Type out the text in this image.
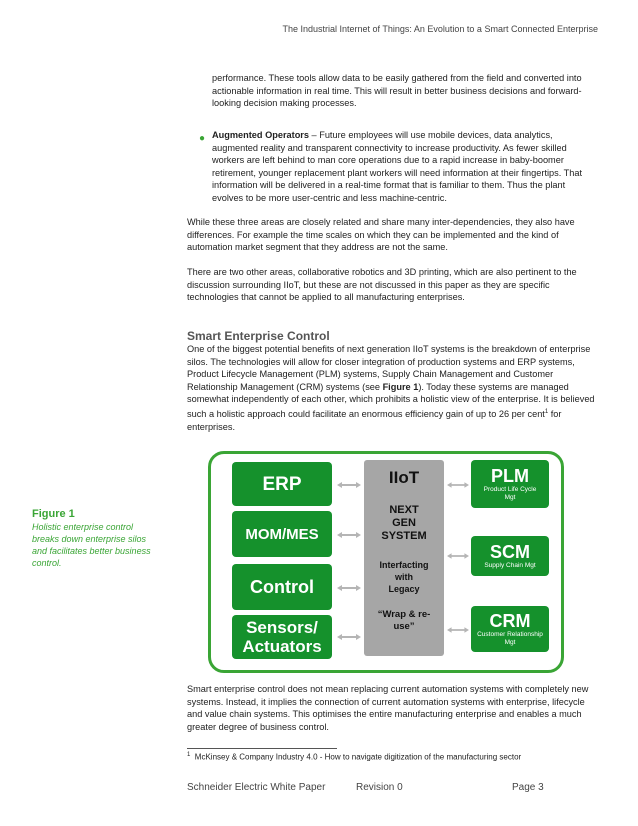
The Industrial Internet of Things: An Evolution to a Smart Connected Enterprise

performance. These tools allow data to be easily gathered from the field and converted into actionable information in real time. This will result in better business decisions and forward-looking decision making processes.

● Augmented Operators – Future employees will use mobile devices, data analytics, augmented reality and transparent connectivity to increase productivity. As fewer skilled workers are left behind to man core operations due to a rapid increase in baby-boomer retirement, younger replacement plant workers will need information at their fingertips. That information will be delivered in a real-time format that is familiar to them. Thus the plant evolves to be more user-centric and less machine-centric.

While these three areas are closely related and share many inter-dependencies, they also have differences. For example the time scales on which they can be implemented and the kind of automation market segment that they address are not the same.

There are two other areas, collaborative robotics and 3D printing, which are also pertinent to the discussion surrounding IIoT, but these are not discussed in this paper as they are specific technologies that cannot be applied to all manufacturing enterprises.

Smart Enterprise Control

One of the biggest potential benefits of next generation IIoT systems is the breakdown of enterprise silos. The technologies will allow for closer integration of production systems and ERP systems, Product Lifecycle Management (PLM) systems, Supply Chain Management and Customer Relationship Management (CRM) systems (see Figure 1). Today these systems are managed somewhat independently of each other, which prohibits a holistic view of the enterprise. It is believed such a holistic approach could facilitate an enormous efficiency gain of up to 26 per cent$^1$ for enterprises.

Figure 1
Holistic enterprise control breaks down enterprise silos and facilitates better business control.
ERP
MOM/MES
Control
Sensors/
Actuators
IIoT
NEXT
GEN
SYSTEM
Interfacting
with
Legacy
“Wrap & re-
use”
PLM
Product Life Cycle
Mgt
SCM
Supply Chain Mgt
CRM
Customer Relationship
Mgt

Smart enterprise control does not mean replacing current automation systems with completely new systems. Instead, it implies the connection of current automation systems with enterprise, lifecycle and value chain systems. This optimises the entire manufacturing enterprise and enables a much greater degree of business control.

$^1$ McKinsey & Company Industry 4.0 - How to navigate digitization of the manufacturing sector
Schneider Electric White Paper	Revision 0	Page 3
